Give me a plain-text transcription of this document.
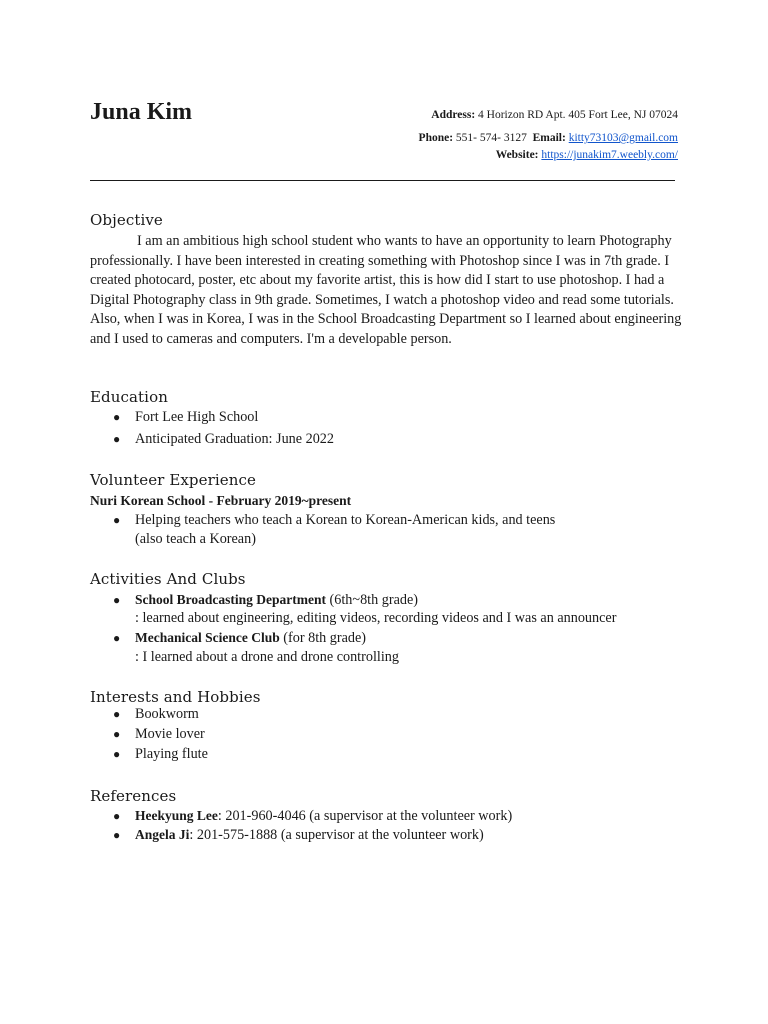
Juna Kim	Address: 4 Horizon RD Apt. 405 Fort Lee, NJ 07024
Phone: 551- 574- 3127 Email: kitty73103@gmail.com
Website: https://junakim7.weebly.com/
Objective

I am an ambitious high school student who wants to have an opportunity to learn Photography professionally. I have been interested in creating something with Photoshop since I was in 7th grade. I created photocard, poster, etc about my favorite artist, this is how did I start to use photoshop. I had a Digital Photography class in 9th grade. Sometimes, I watch a photoshop video and read some tutorials. Also, when I was in Korea, I was in the School Broadcasting Department so I learned about engineering and I used to cameras and computers. I'm a developable person.

Education
● Fort Lee High School
● Anticipated Graduation: June 2022
Volunteer Experience
Nuri Korean School - February 2019~present
● Helping teachers who teach a Korean to Korean-American kids, and teens
(also teach a Korean)
Activities And Clubs
● School Broadcasting Department (6th~8th grade)
: learned about engineering, editing videos, recording videos and I was an announcer
● Mechanical Science Club (for 8th grade)
: I learned about a drone and drone controlling
Interests and Hobbies
● Bookworm
● Movie lover
● Playing flute
References
● Heekyung Lee: 201-960-4046 (a supervisor at the volunteer work)
● Angela Ji: 201-575-1888 (a supervisor at the volunteer work)
